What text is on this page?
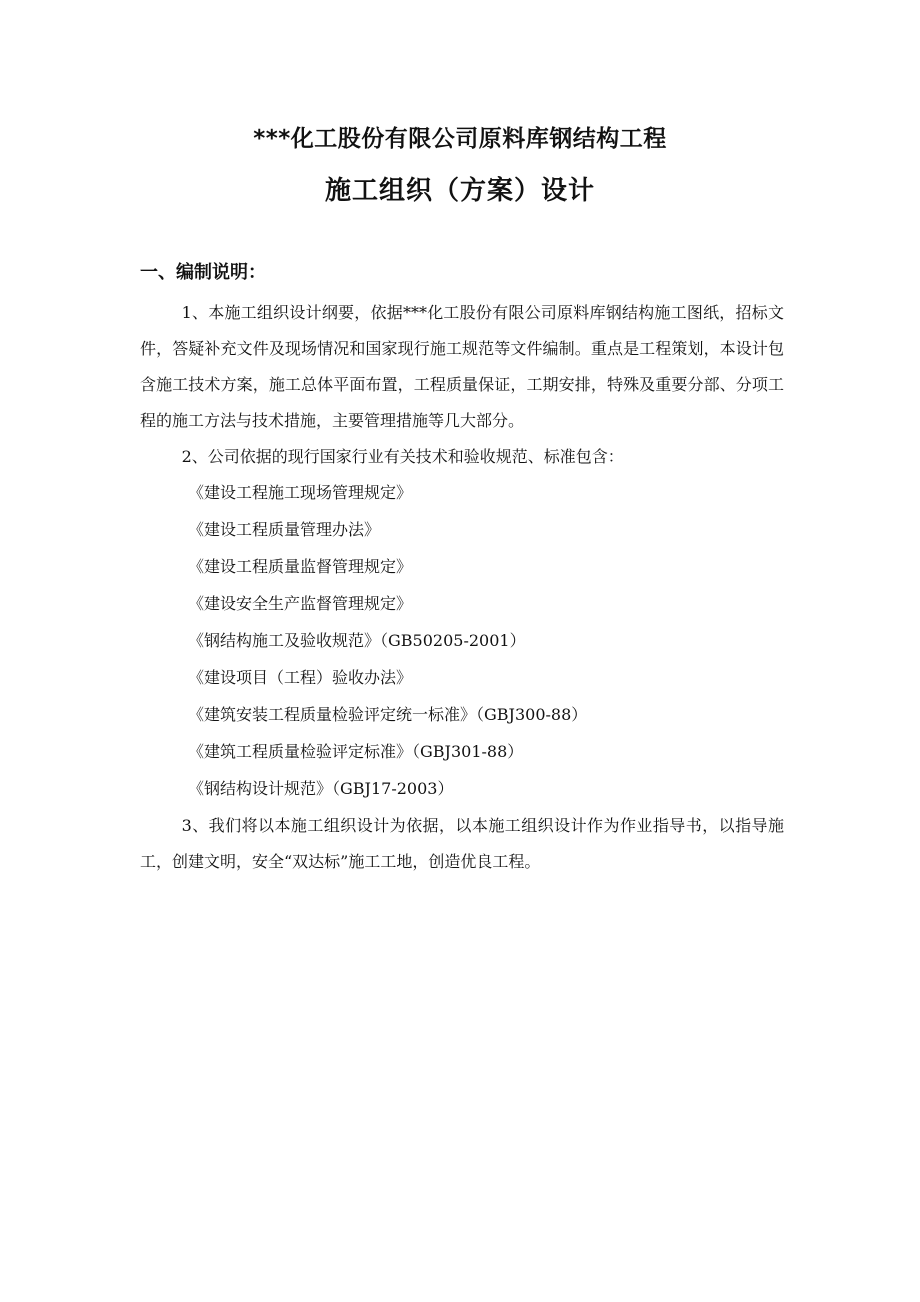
***化工股份有限公司原料库钢结构工程
施工组织（方案）设计
一、编制说明：

1、本施工组织设计纲要，依据***化工股份有限公司原料库钢结构施工图纸，招标文件，答疑补充文件及现场情况和国家现行施工规范等文件编制。重点是工程策划，本设计包含施工技术方案，施工总体平面布置，工程质量保证，工期安排，特殊及重要分部、分项工程的施工方法与技术措施，主要管理措施等几大部分。

2、公司依据的现行国家行业有关技术和验收规范、标准包含：

《建设工程施工现场管理规定》
《建设工程质量管理办法》
《建设工程质量监督管理规定》
《建设安全生产监督管理规定》
《钢结构施工及验收规范》（GB50205-2001）
《建设项目（工程）验收办法》
《建筑安装工程质量检验评定统一标准》（GBJ300-88）
《建筑工程质量检验评定标准》（GBJ301-88）
《钢结构设计规范》（GBJ17-2003）

3、我们将以本施工组织设计为依据，以本施工组织设计作为作业指导书，以指导施工，创建文明，安全“双达标”施工工地，创造优良工程。
